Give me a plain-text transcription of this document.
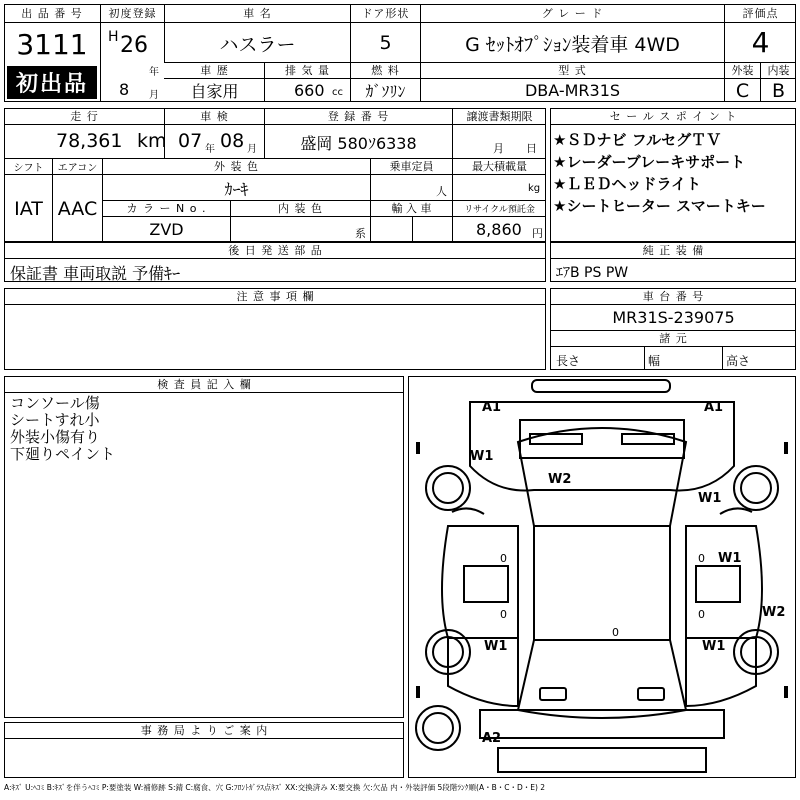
出 品 番 号
3111
初出品
初度登録
H 26
年
8 月
車 名
ハスラー
ドア形状
5
グ レ ー ド
G ｾｯﾄｵﾌﾟｼｮﾝ装着車 4WD
評価点
4
車 歴
自家用
排 気 量
660 cc
燃 料
ｶﾞｿﾘﾝ
型 式
DBA-MR31S
外装	内装
C	B
走 行
78,361 km
車 検
07 年 08 月
登 録 番 号
盛岡 580ｿ6338
譲渡書類期限
月 日
シフト	エアコン
IAT AAC
外 装 色
ｶｰｷ
乗車定員
人
最大積載量
kg
カ ラ ー N o .
ZVD
内 装 色
系
輸 入 車	リサイクル預託金
8,860 円
セ ー ル ス ポ イ ン ト
★ＳＤナビ フルセグＴＶ
★レーダーブレーキサポート
★ＬＥＤヘッドライト
★シートヒーター スマートキー
後 日 発 送 部 品
保証書 車両取説 予備ｷｰ
純 正 装 備
ｴｱB PS PW
注 意 事 項 欄	車 台 番 号
MR31S-239075
諸 元
長さ	幅	高さ
検 査 員 記 入 欄
コンソール傷
シートすれ小
外装小傷有り
下廻りペイント
事 務 局 よ り ご 案 内
A1	A1
W1
W2
W1
W1
W2
W1	W1
A2
0	0
0	0
0
A:ｷｽﾞ U:ﾍｺﾐ B:ｷｽﾞを伴うﾍｺﾐ P:要塗装 W:補修跡 S:錆 C:腐食、穴 G:ﾌﾛﾝﾄｶﾞﾗｽ点ｷｽﾞ XX:交換済み X:要交換 欠:欠品 内・外装評価 5段階ﾗﾝｸ順(A・B・C・D・E) 2
